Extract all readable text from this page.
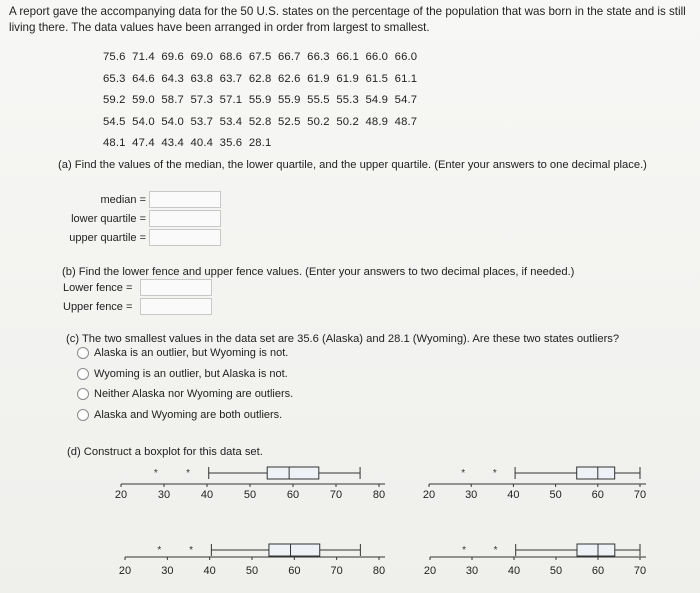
A report gave the accompanying data for the 50 U.S. states on the percentage of the population that was born in the state and is still living there. The data values have been arranged in order from largest to smallest.
75.6  71.4  69.6  69.0  68.6  67.5  66.7  66.3  66.1  66.0  66.0
65.3  64.6  64.3  63.8  63.7  62.8  62.6  61.9  61.9  61.5  61.1
59.2  59.0  58.7  57.3  57.1  55.9  55.9  55.5  55.3  54.9  54.7
54.5  54.0  54.0  53.7  53.4  52.8  52.5  50.2  50.2  48.9  48.7
48.1  47.4  43.4  40.4  35.6  28.1
(a) Find the values of the median, the lower quartile, and the upper quartile. (Enter your answers to one decimal place.)
median =
lower quartile =
upper quartile =
(b) Find the lower fence and upper fence values. (Enter your answers to two decimal places, if needed.)
Lower fence =
Upper fence =
(c) The two smallest values in the data set are 35.6 (Alaska) and 28.1 (Wyoming). Are these two states outliers?
Alaska is an outlier, but Wyoming is not.
Wyoming is an outlier, but Alaska is not.
Neither Alaska nor Wyoming are outliers.
Alaska and Wyoming are both outliers.
(d) Construct a boxplot for this data set.
20	30	40	50	60	70	80
*	*
20	30	40	50	60	70
*	*
20	30	40	50	60	70	80
*	*
20	30	40	50	60	70
*	*
